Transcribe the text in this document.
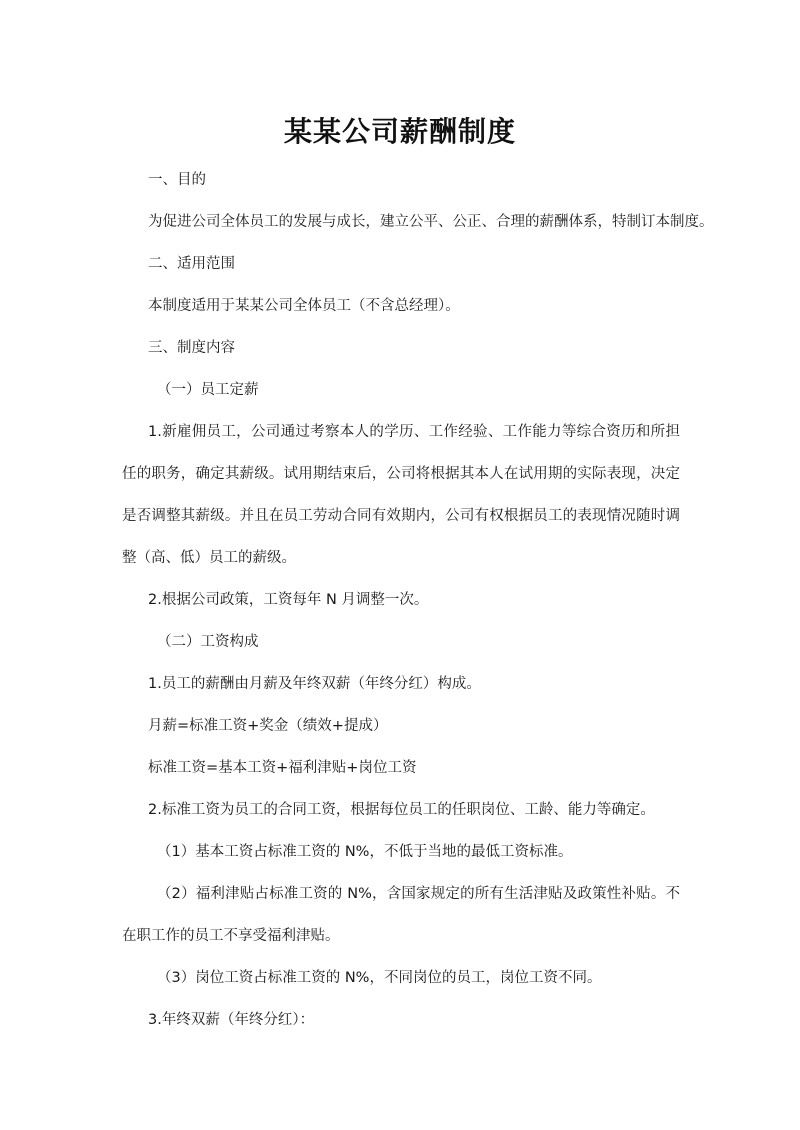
某某公司薪酬制度
一、目的
为促进公司全体员工的发展与成长，建立公平、公正、合理的薪酬体系，特制订本制度。
二、适用范围
本制度适用于某某公司全体员工（不含总经理）。
三、制度内容
（一）员工定薪
1.新雇佣员工，公司通过考察本人的学历、工作经验、工作能力等综合资历和所担任的职务，确定其薪级。试用期结束后，公司将根据其本人在试用期的实际表现，决定是否调整其薪级。并且在员工劳动合同有效期内，公司有权根据员工的表现情况随时调整（高、低）员工的薪级。
2.根据公司政策，工资每年 N 月调整一次。
（二）工资构成
1.员工的薪酬由月薪及年终双薪（年终分红）构成。
月薪=标准工资+奖金（绩效+提成）
标准工资=基本工资+福利津贴+岗位工资
2.标准工资为员工的合同工资，根据每位员工的任职岗位、工龄、能力等确定。
（1）基本工资占标准工资的 N%，不低于当地的最低工资标准。
（2）福利津贴占标准工资的 N%，含国家规定的所有生活津贴及政策性补贴。不在职工作的员工不享受福利津贴。
（3）岗位工资占标准工资的 N%，不同岗位的员工，岗位工资不同。
3.年终双薪（年终分红）：
